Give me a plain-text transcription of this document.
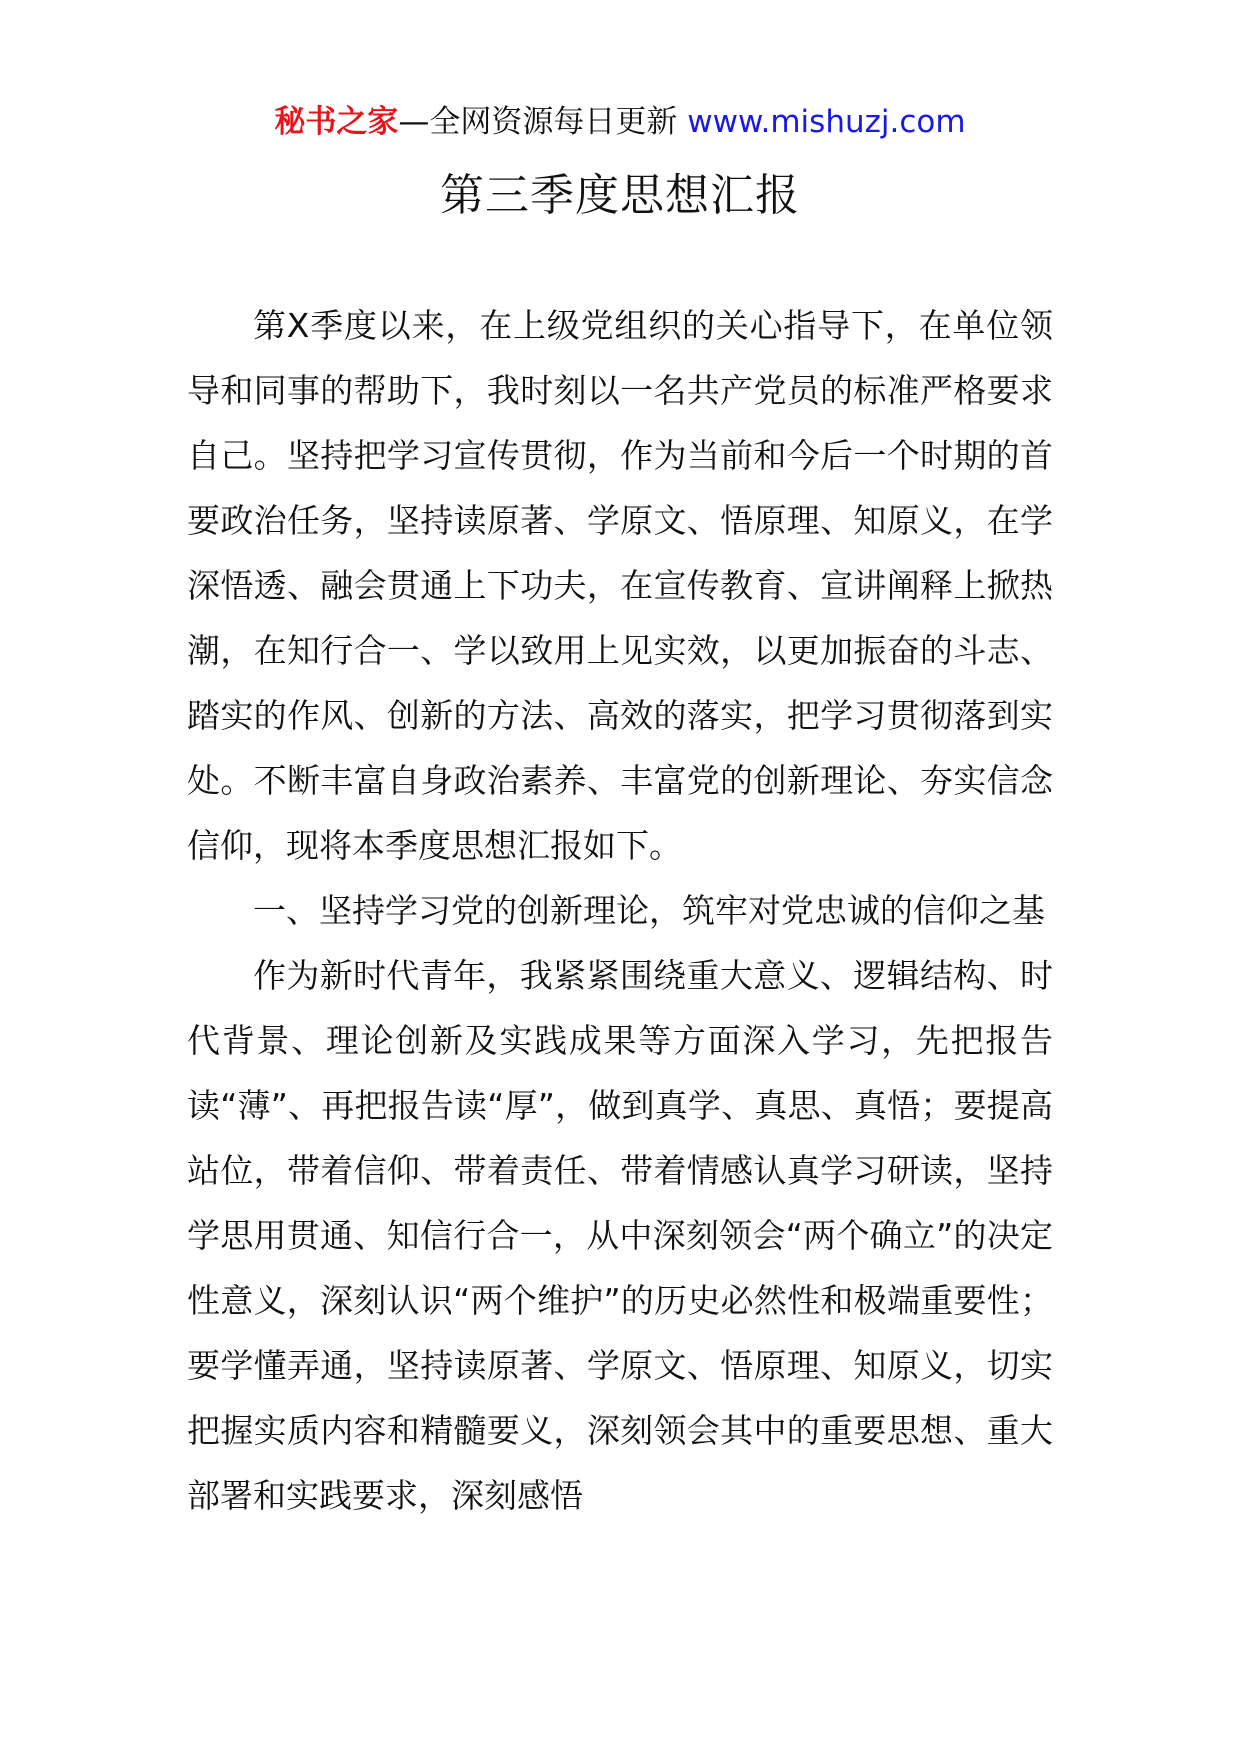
秘书之家—全网资源每日更新 www.mishuzj.com
第三季度思想汇报

第X季度以来，在上级党组织的关心指导下，在单位领导和同事的帮助下，我时刻以一名共产党员的标准严格要求自己。坚持把学习宣传贯彻，作为当前和今后一个时期的首要政治任务，坚持读原著、学原文、悟原理、知原义，在学深悟透、融会贯通上下功夫，在宣传教育、宣讲阐释上掀热潮，在知行合一、学以致用上见实效，以更加振奋的斗志、踏实的作风、创新的方法、高效的落实，把学习贯彻落到实处。不断丰富自身政治素养、丰富党的创新理论、夯实信念信仰，现将本季度思想汇报如下。

一、坚持学习党的创新理论，筑牢对党忠诚的信仰之基

作为新时代青年，我紧紧围绕重大意义、逻辑结构、时代背景、理论创新及实践成果等方面深入学习，先把报告读“薄”、再把报告读“厚”，做到真学、真思、真悟；要提高站位，带着信仰、带着责任、带着情感认真学习研读，坚持学思用贯通、知信行合一，从中深刻领会“两个确立”的决定性意义，深刻认识“两个维护”的历史必然性和极端重要性；要学懂弄通，坚持读原著、学原文、悟原理、知原义，切实把握实质内容和精髓要义，深刻领会其中的重要思想、重大部署和实践要求，深刻感悟
